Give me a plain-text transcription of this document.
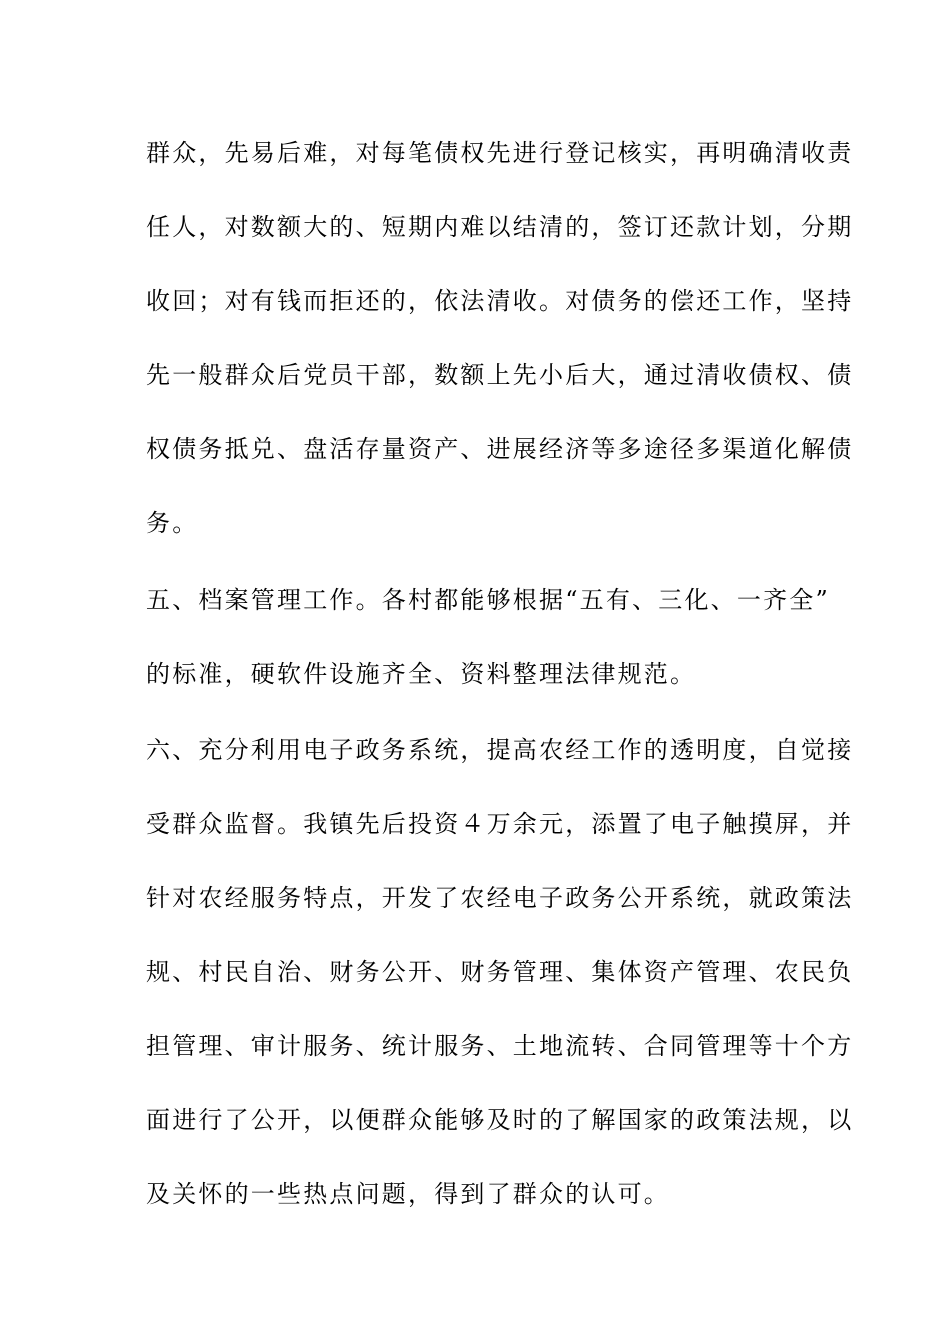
群众，先易后难，对每笔债权先进行登记核实，再明确清收责
任人，对数额大的、短期内难以结清的，签订还款计划，分期
收回；对有钱而拒还的，依法清收。对债务的偿还工作，坚持
先一般群众后党员干部，数额上先小后大，通过清收债权、债
权债务抵兑、盘活存量资产、进展经济等多途径多渠道化解债
务。
五、档案管理工作。各村都能够根据“五有、三化、一齐全”
的标准，硬软件设施齐全、资料整理法律规范。
六、充分利用电子政务系统，提高农经工作的透明度，自觉接
受群众监督。我镇先后投资４万余元，添置了电子触摸屏，并
针对农经服务特点，开发了农经电子政务公开系统，就政策法
规、村民自治、财务公开、财务管理、集体资产管理、农民负
担管理、审计服务、统计服务、土地流转、合同管理等十个方
面进行了公开，以便群众能够及时的了解国家的政策法规，以
及关怀的一些热点问题，得到了群众的认可。
